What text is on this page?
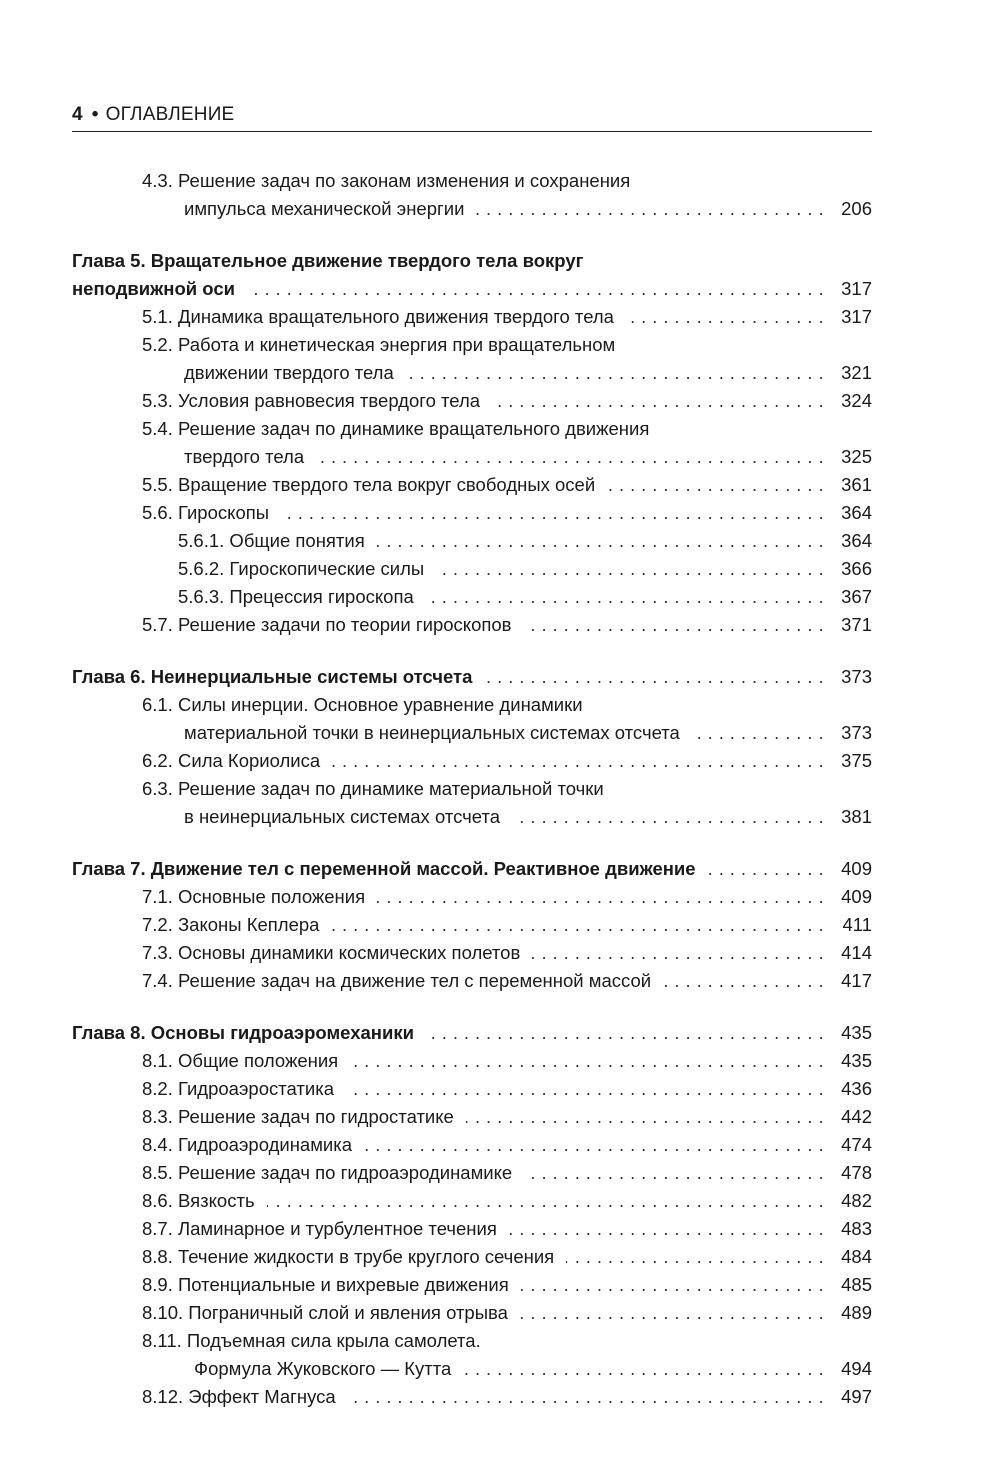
4 • ОГЛАВЛЕНИЕ
4.3. Решение задач по законам изменения и сохранения
импульса механической энергии . . .	206
Глава 5. Вращательное движение твердого тела вокруг
неподвижной оси . . .	317
5.1. Динамика вращательного движения твердого тела . . .	317
5.2. Работа и кинетическая энергия при вращательном
движении твердого тела . . .	321
5.3. Условия равновесия твердого тела . . .	324
5.4. Решение задач по динамике вращательного движения
твердого тела . . .	325
5.5. Вращение твердого тела вокруг свободных осей . . .	361
5.6. Гироскопы . . .	364
5.6.1. Общие понятия . . .	364
5.6.2. Гироскопические силы . . .	366
5.6.3. Прецессия гироскопа . . .	367
5.7. Решение задачи по теории гироскопов . . .	371
Глава 6. Неинерциальные системы отсчета . . .	373
6.1. Силы инерции. Основное уравнение динамики
материальной точки в неинерциальных системах отсчета . . .	373
6.2. Сила Кориолиса . . .	375
6.3. Решение задач по динамике материальной точки
в неинерциальных системах отсчета . . .	381
Глава 7. Движение тел с переменной массой. Реактивное движение . . .	409
7.1. Основные положения . . .	409
7.2. Законы Кеплера . . .	411
7.3. Основы динамики космических полетов . . .	414
7.4. Решение задач на движение тел с переменной массой . . .	417
Глава 8. Основы гидроаэромеханики . . .	435
8.1. Общие положения . . .	435
8.2. Гидроаэростатика . . .	436
8.3. Решение задач по гидростатике . . .	442
8.4. Гидроаэродинамика . . .	474
8.5. Решение задач по гидроаэродинамике . . .	478
8.6. Вязкость . . .	482
8.7. Ламинарное и турбулентное течения . . .	483
8.8. Течение жидкости в трубе круглого сечения . . .	484
8.9. Потенциальные и вихревые движения . . .	485
8.10. Пограничный слой и явления отрыва . . .	489
8.11. Подъемная сила крыла самолета.
Формула Жуковского — Кутта . . .	494
8.12. Эффект Магнуса . . .	497
